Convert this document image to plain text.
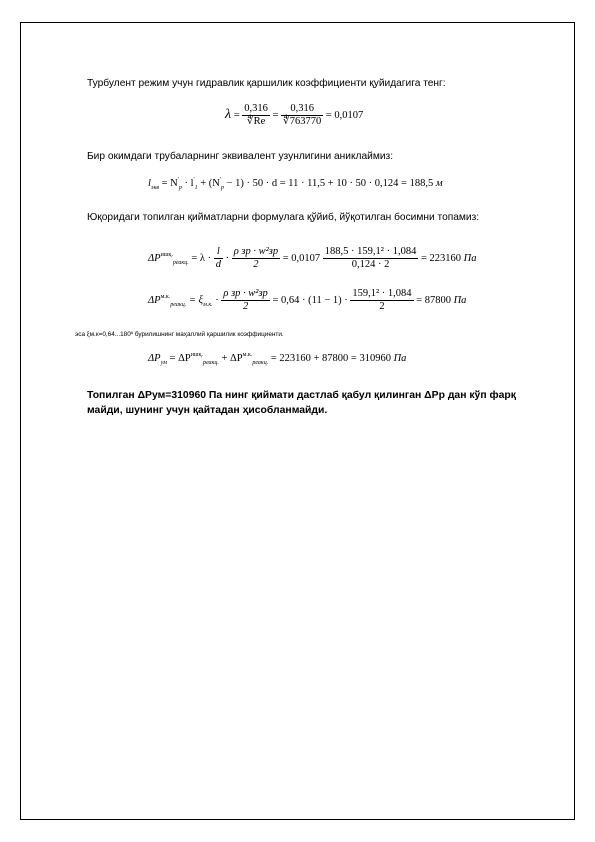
Турбулент режим учун гидравлик қаршилик коэффициенти қуйидагига тенг:
$\lambda = \frac{0,316}{∜Re} = \frac{0,316}{∜763770} = 0,0107$
Бир окимдаги трубаларнинг эквивалент узунлигини аниклаймиз:
$l_{экв} = N'_р \cdot l'_1 + (N'_р - 1) \cdot 50 \cdot d = 11 \cdot 11,5 + 10 \cdot 50 \cdot 0,124 = 188,5$ м
Юқоридаги топилган қийматларни формулага қўйиб, йўқотилган босимни топамиз:
$\Delta P^{ишқ.}_{реакц.} = \lambda \cdot \frac{l}{d} \cdot \frac{\text{ρ зр · w²зр}}{2} = 0,0107 \frac{\text{188,5 · 159,1² · 1,084}}{0,124 \cdot 2} = 223160$ Па
$\Delta P^{м.к.}_{реакц.} = \xi_{м.к.} \cdot \frac{\text{ρ зр · w²зр}}{2} = 0,64 \cdot (11 - 1) \cdot \frac{\text{159,1² · 1,084}}{2} = 87800$ Па
эса ξм.к=0,64...180º бурилишнинг маҳаллий қаршилик коэффициенти.
$\Delta P_{ум} = \Delta P^{ишқ.}_{реакц.} + \Delta P^{м.к.}_{реакц.} = 223160 + 87800 = 310960$ Па
Топилган ΔPум=310960 Па нинг қиймати дастлаб қабул қилинган ΔPр дан кўп фарқ
майди, шунинг учун қайтадан ҳисобланмайди.
